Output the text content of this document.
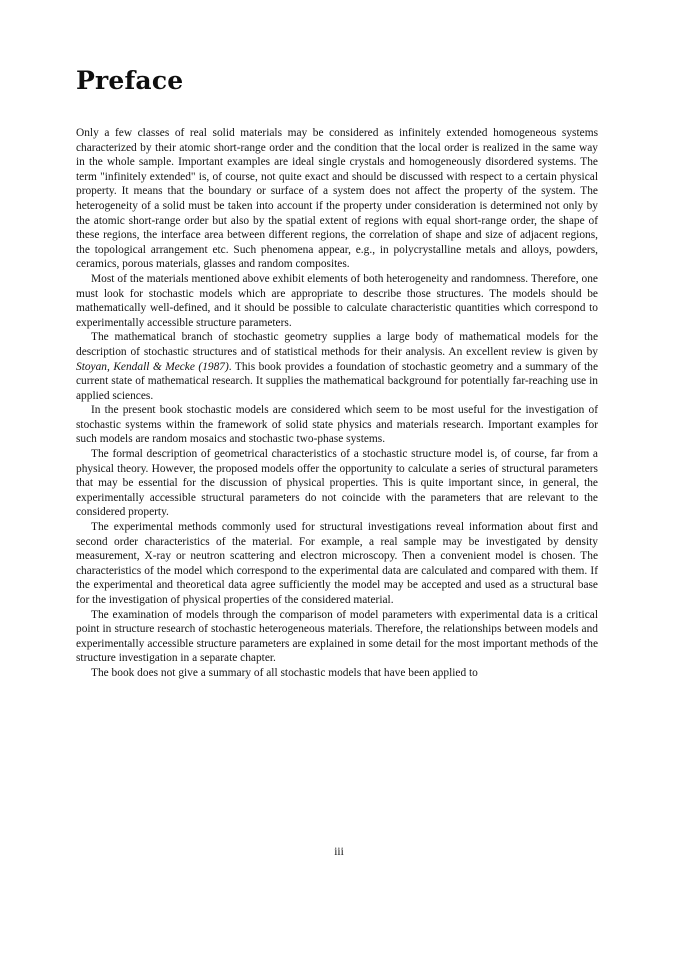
Preface

Only a few classes of real solid materials may be considered as infinitely extended homogeneous systems characterized by their atomic short-range order and the condition that the local order is realized in the same way in the whole sample. Important examples are ideal single crystals and homogeneously disordered systems. The term "infinitely extended" is, of course, not quite exact and should be discussed with respect to a certain physical property. It means that the boundary or surface of a system does not affect the property of the system. The heterogeneity of a solid must be taken into account if the property under consideration is determined not only by the atomic short-range order but also by the spatial extent of regions with equal short-range order, the shape of these regions, the interface area between different regions, the correlation of shape and size of adjacent regions, the topological arrangement etc. Such phenomena appear, e.g., in polycrystalline metals and alloys, powders, ceramics, porous materials, glasses and random composites.

Most of the materials mentioned above exhibit elements of both heterogeneity and randomness. Therefore, one must look for stochastic models which are appropriate to describe those structures. The models should be mathematically well-defined, and it should be possible to calculate characteristic quantities which correspond to experimentally accessible structure parameters.

The mathematical branch of stochastic geometry supplies a large body of mathematical models for the description of stochastic structures and of statistical methods for their analysis. An excellent review is given by Stoyan, Kendall & Mecke (1987). This book provides a foundation of stochastic geometry and a summary of the current state of mathematical research. It supplies the mathematical background for potentially far-reaching use in applied sciences.

In the present book stochastic models are considered which seem to be most useful for the investigation of stochastic systems within the framework of solid state physics and materials research. Important examples for such models are random mosaics and stochastic two-phase systems.

The formal description of geometrical characteristics of a stochastic structure model is, of course, far from a physical theory. However, the proposed models offer the opportunity to calculate a series of structural parameters that may be essential for the discussion of physical properties. This is quite important since, in general, the experimentally accessible structural parameters do not coincide with the parameters that are relevant to the considered property.

The experimental methods commonly used for structural investigations reveal information about first and second order characteristics of the material. For example, a real sample may be investigated by density measurement, X-ray or neutron scattering and electron microscopy. Then a convenient model is chosen. The characteristics of the model which correspond to the experimental data are calculated and compared with them. If the experimental and theoretical data agree sufficiently the model may be accepted and used as a structural base for the investigation of physical properties of the considered material.

The examination of models through the comparison of model parameters with experimental data is a critical point in structure research of stochastic heterogeneous materials. Therefore, the relationships between models and experimentally accessible structure parameters are explained in some detail for the most important methods of the structure investigation in a separate chapter.

The book does not give a summary of all stochastic models that have been applied to

iii
